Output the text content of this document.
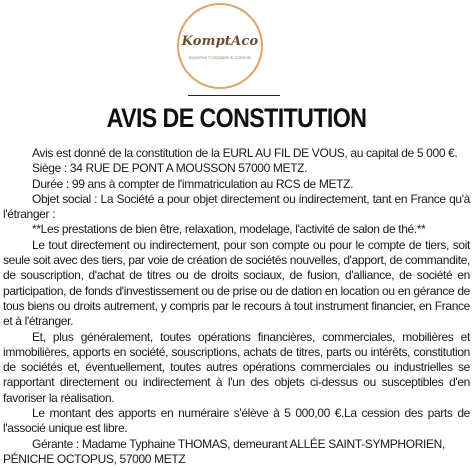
KomptAco
Expertise Comptable & Conseils
AVIS DE CONSTITUTION

Avis est donné de la constitution de la EURL AU FIL DE VOUS, au capital de 5 000 €.

Siège : 34 RUE DE PONT A MOUSSON 57000 METZ.

Durée : 99 ans à compter de l'immatriculation au RCS de METZ.

Objet social : La Société a pour objet directement ou indirectement, tant en France qu'à l'étranger :

**Les prestations de bien être, relaxation, modelage, l'activité de salon de thé.**

Le tout directement ou indirectement, pour son compte ou pour le compte de tiers, soit seule soit avec des tiers, par voie de création de sociétés nouvelles, d'apport, de commandite, de souscription, d'achat de titres ou de droits sociaux, de fusion, d'alliance, de société en participation, de fonds d'investissement ou de prise ou de dation en location ou en gérance de tous biens ou droits autrement, y compris par le recours à tout instrument financier, en France et à l'étranger.

Et, plus généralement, toutes opérations financières, commerciales, mobilières et immobilières, apports en société, souscriptions, achats de titres, parts ou intérêts, constitution de sociétés et, éventuellement, toutes autres opérations commerciales ou industrielles se rapportant directement ou indirectement à l'un des objets ci-dessus ou susceptibles d'en favoriser la réalisation.

Le montant des apports en numéraire s'élève à 5 000,00 €.La cession des parts de l'associé unique est libre.

Gérante : Madame Typhaine THOMAS, demeurant ALLÉE SAINT-SYMPHORIEN, PÉNICHE OCTOPUS, 57000 METZ
